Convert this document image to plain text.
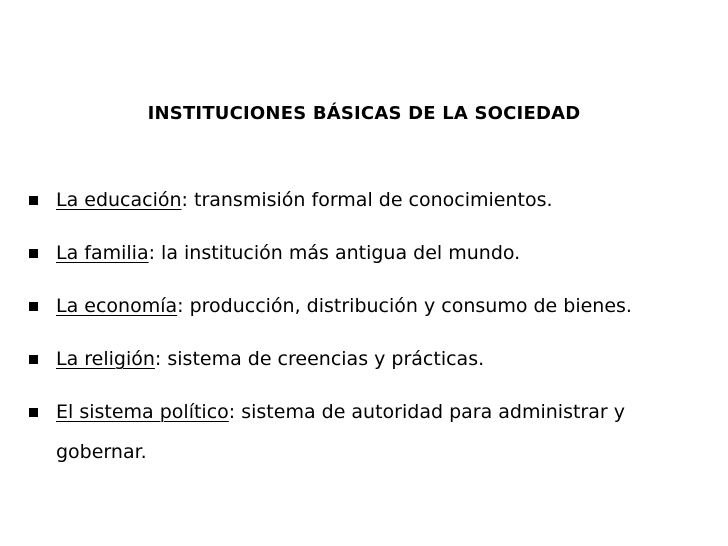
INSTITUCIONES BÁSICAS DE LA SOCIEDAD
La educación: transmisión formal de conocimientos.
La familia: la institución más antigua del mundo.
La economía: producción, distribución y consumo de bienes.
La religión: sistema de creencias y prácticas.
El sistema político: sistema de autoridad para administrar y gobernar.
